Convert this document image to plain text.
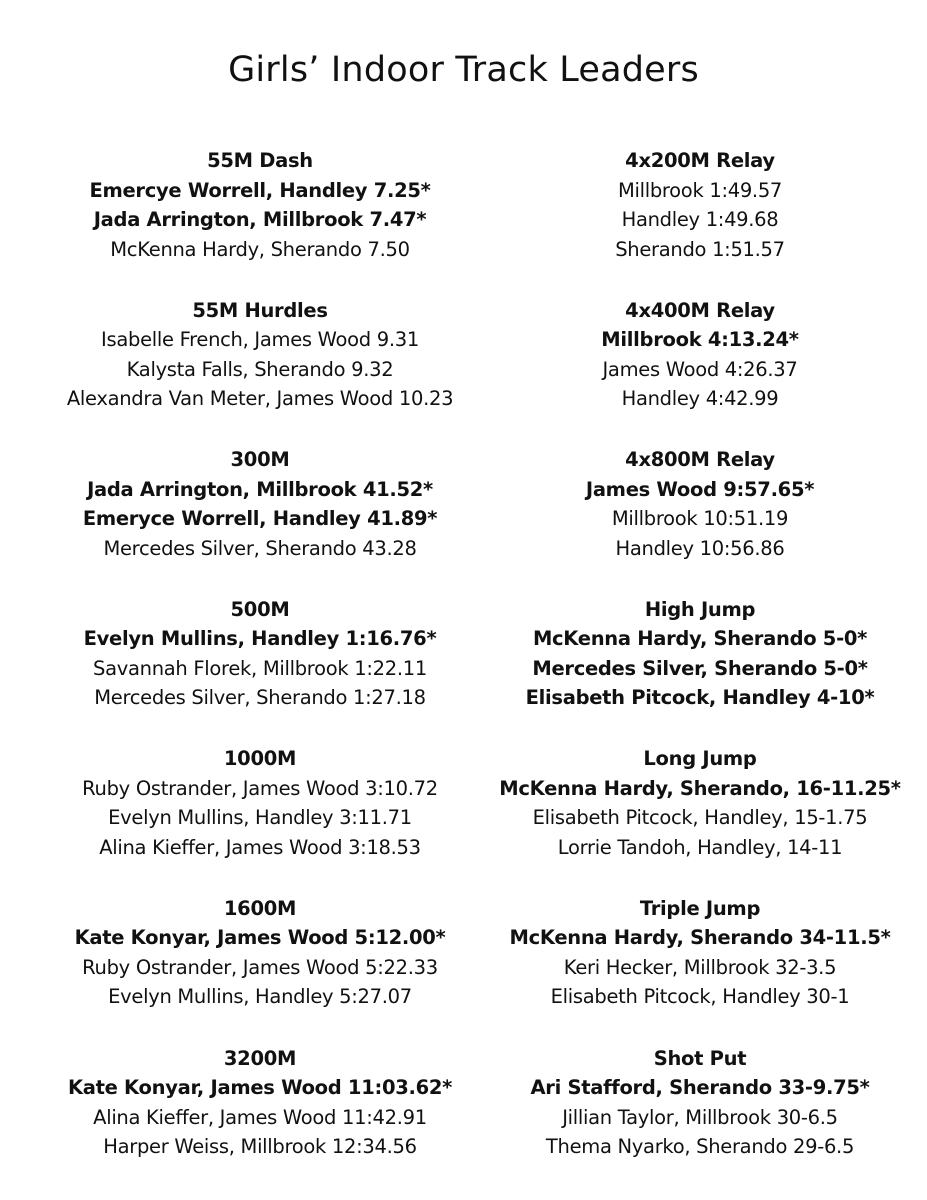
Girls’ Indoor Track Leaders
55M Dash
Emercye Worrell, Handley 7.25*
Jada Arrington, Millbrook 7.47*
McKenna Hardy, Sherando 7.50
55M Hurdles
Isabelle French, James Wood 9.31
Kalysta Falls, Sherando 9.32
Alexandra Van Meter, James Wood 10.23
300M
Jada Arrington, Millbrook 41.52*
Emeryce Worrell, Handley 41.89*
Mercedes Silver, Sherando 43.28
500M
Evelyn Mullins, Handley 1:16.76*
Savannah Florek, Millbrook 1:22.11
Mercedes Silver, Sherando 1:27.18
1000M
Ruby Ostrander, James Wood 3:10.72
Evelyn Mullins, Handley 3:11.71
Alina Kieffer, James Wood 3:18.53
1600M
Kate Konyar, James Wood 5:12.00*
Ruby Ostrander, James Wood 5:22.33
Evelyn Mullins, Handley 5:27.07
3200M
Kate Konyar, James Wood 11:03.62*
Alina Kieffer, James Wood 11:42.91
Harper Weiss, Millbrook 12:34.56
4x200M Relay
Millbrook 1:49.57
Handley 1:49.68
Sherando 1:51.57
4x400M Relay
Millbrook 4:13.24*
James Wood 4:26.37
Handley 4:42.99
4x800M Relay
James Wood 9:57.65*
Millbrook 10:51.19
Handley 10:56.86
High Jump
McKenna Hardy, Sherando 5-0*
Mercedes Silver, Sherando 5-0*
Elisabeth Pitcock, Handley 4-10*
Long Jump
McKenna Hardy, Sherando, 16-11.25*
Elisabeth Pitcock, Handley, 15-1.75
Lorrie Tandoh, Handley, 14-11
Triple Jump
McKenna Hardy, Sherando 34-11.5*
Keri Hecker, Millbrook 32-3.5
Elisabeth Pitcock, Handley 30-1
Shot Put
Ari Stafford, Sherando 33-9.75*
Jillian Taylor, Millbrook 30-6.5
Thema Nyarko, Sherando 29-6.5
